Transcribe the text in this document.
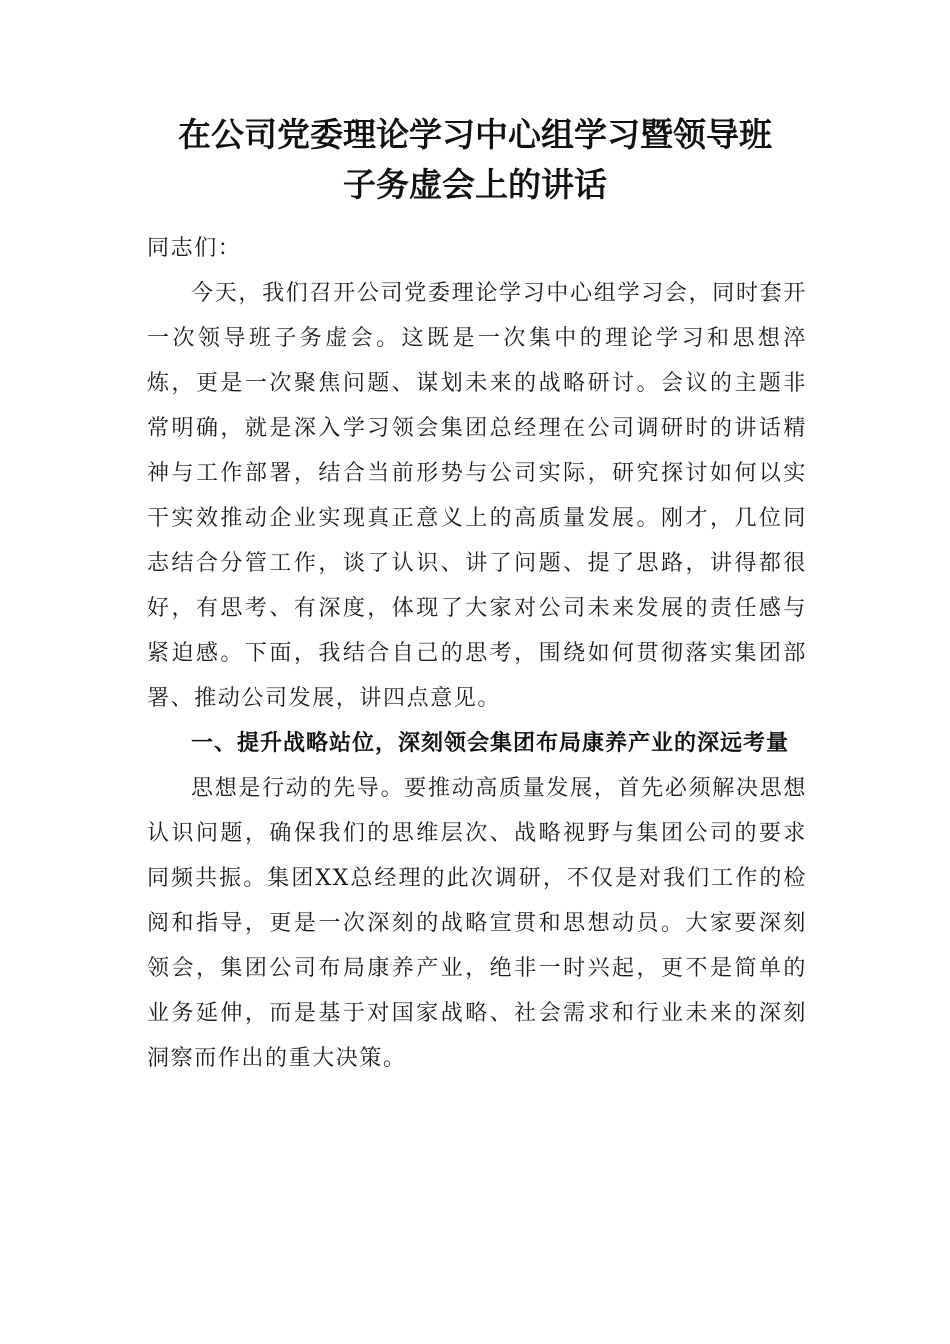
在公司党委理论学习中心组学习暨领导班
子务虚会上的讲话

同志们：

今天，我们召开公司党委理论学习中心组学习会，同时套开一次领导班子务虚会。这既是一次集中的理论学习和思想淬炼，更是一次聚焦问题、谋划未来的战略研讨。会议的主题非常明确，就是深入学习领会集团总经理在公司调研时的讲话精神与工作部署，结合当前形势与公司实际，研究探讨如何以实干实效推动企业实现真正意义上的高质量发展。刚才，几位同志结合分管工作，谈了认识、讲了问题、提了思路，讲得都很好，有思考、有深度，体现了大家对公司未来发展的责任感与紧迫感。下面，我结合自己的思考，围绕如何贯彻落实集团部署、推动公司发展，讲四点意见。

一、提升战略站位，深刻领会集团布局康养产业的深远考量

思想是行动的先导。要推动高质量发展，首先必须解决思想认识问题，确保我们的思维层次、战略视野与集团公司的要求同频共振。集团XX总经理的此次调研，不仅是对我们工作的检阅和指导，更是一次深刻的战略宣贯和思想动员。大家要深刻领会，集团公司布局康养产业，绝非一时兴起，更不是简单的业务延伸，而是基于对国家战略、社会需求和行业未来的深刻洞察而作出的重大决策。
